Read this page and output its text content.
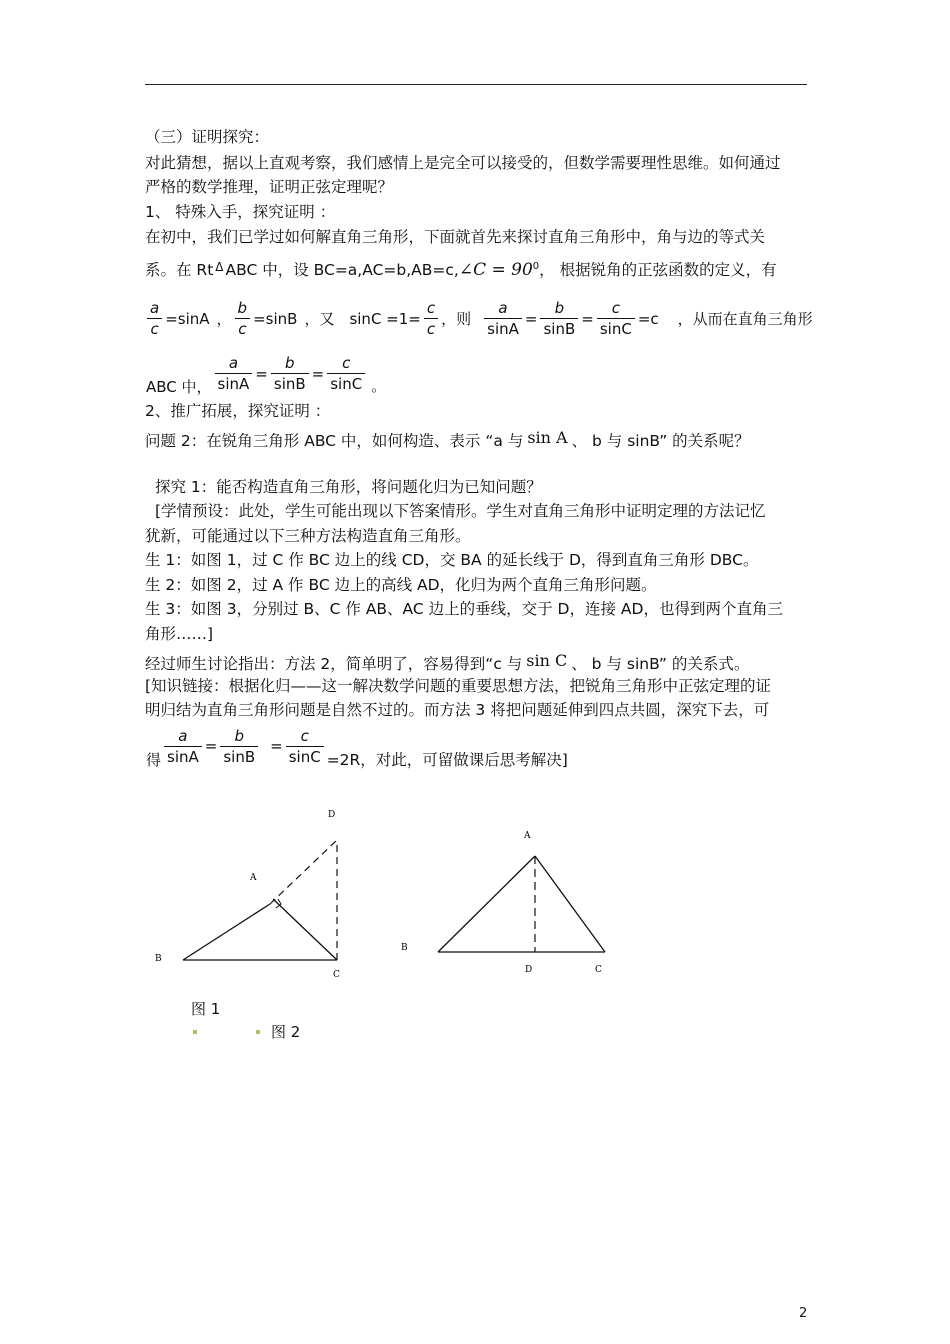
（三）证明探究：
对此猜想，据以上直观考察，我们感情上是完全可以接受的，但数学需要理性思维。如何通过
严格的数学推理，证明正弦定理呢？
1、 特殊入手，探究证明 ：
在初中，我们已学过如何解直角三角形，下面就首先来探讨直角三角形中，角与边的等式关
系。在 Rt $^\Delta$ ABC 中，设 BC=a,AC=b,AB=c,∠C = $90^0$， 根据锐角的正弦函数的定义，有
$\frac{a}{c} =\sin A$ ， $\frac{b}{c} =\sin B$ ，又 $\sin C =1= \frac{c}{c}$ ，则 $\frac{a}{\sin A} = \frac{b}{\sin B} = \frac{c}{\sin C} =c$ ，从而在直角三角形
ABC 中， $\frac{a}{\sin A} = \frac{b}{\sin B} = \frac{c}{\sin C}$ 。
2、推广拓展，探究证明 ：
问题 2：在锐角三角形 ABC 中，如何构造、表示 “a 与 sin A 、 b 与 sinB” 的关系呢？
探究 1：能否构造直角三角形，将问题化归为已知问题？
[学情预设：此处，学生可能出现以下答案情形。学生对直角三角形中证明定理的方法记忆
犹新，可能通过以下三种方法构造直角三角形。
生 1：如图 1，过 C 作 BC 边上的线 CD，交 BA 的延长线于 D，得到直角三角形 DBC。
生 2：如图 2，过 A 作 BC 边上的高线 AD，化归为两个直角三角形问题。
生 3：如图 3，分别过 B、C 作 AB、AC 边上的垂线，交于 D，连接 AD，也得到两个直角三
角形……]
经过师生讨论指出：方法 2，简单明了，容易得到“c 与 sin C 、 b 与 sinB” 的关系式。
[知识链接：根据化归——这一解决数学问题的重要思想方法，把锐角三角形中正弦定理的证
明归结为直角三角形问题是自然不过的。而方法 3 将把问题延伸到四点共圆，深究下去，可
得 $\frac{a}{\sin A} = \frac{b}{\sin B} = \frac{c}{\sin C} =2R$，对此，可留做课后思考解决]
A
B
C
D
图 1
A
B
C
D
图 2
2
